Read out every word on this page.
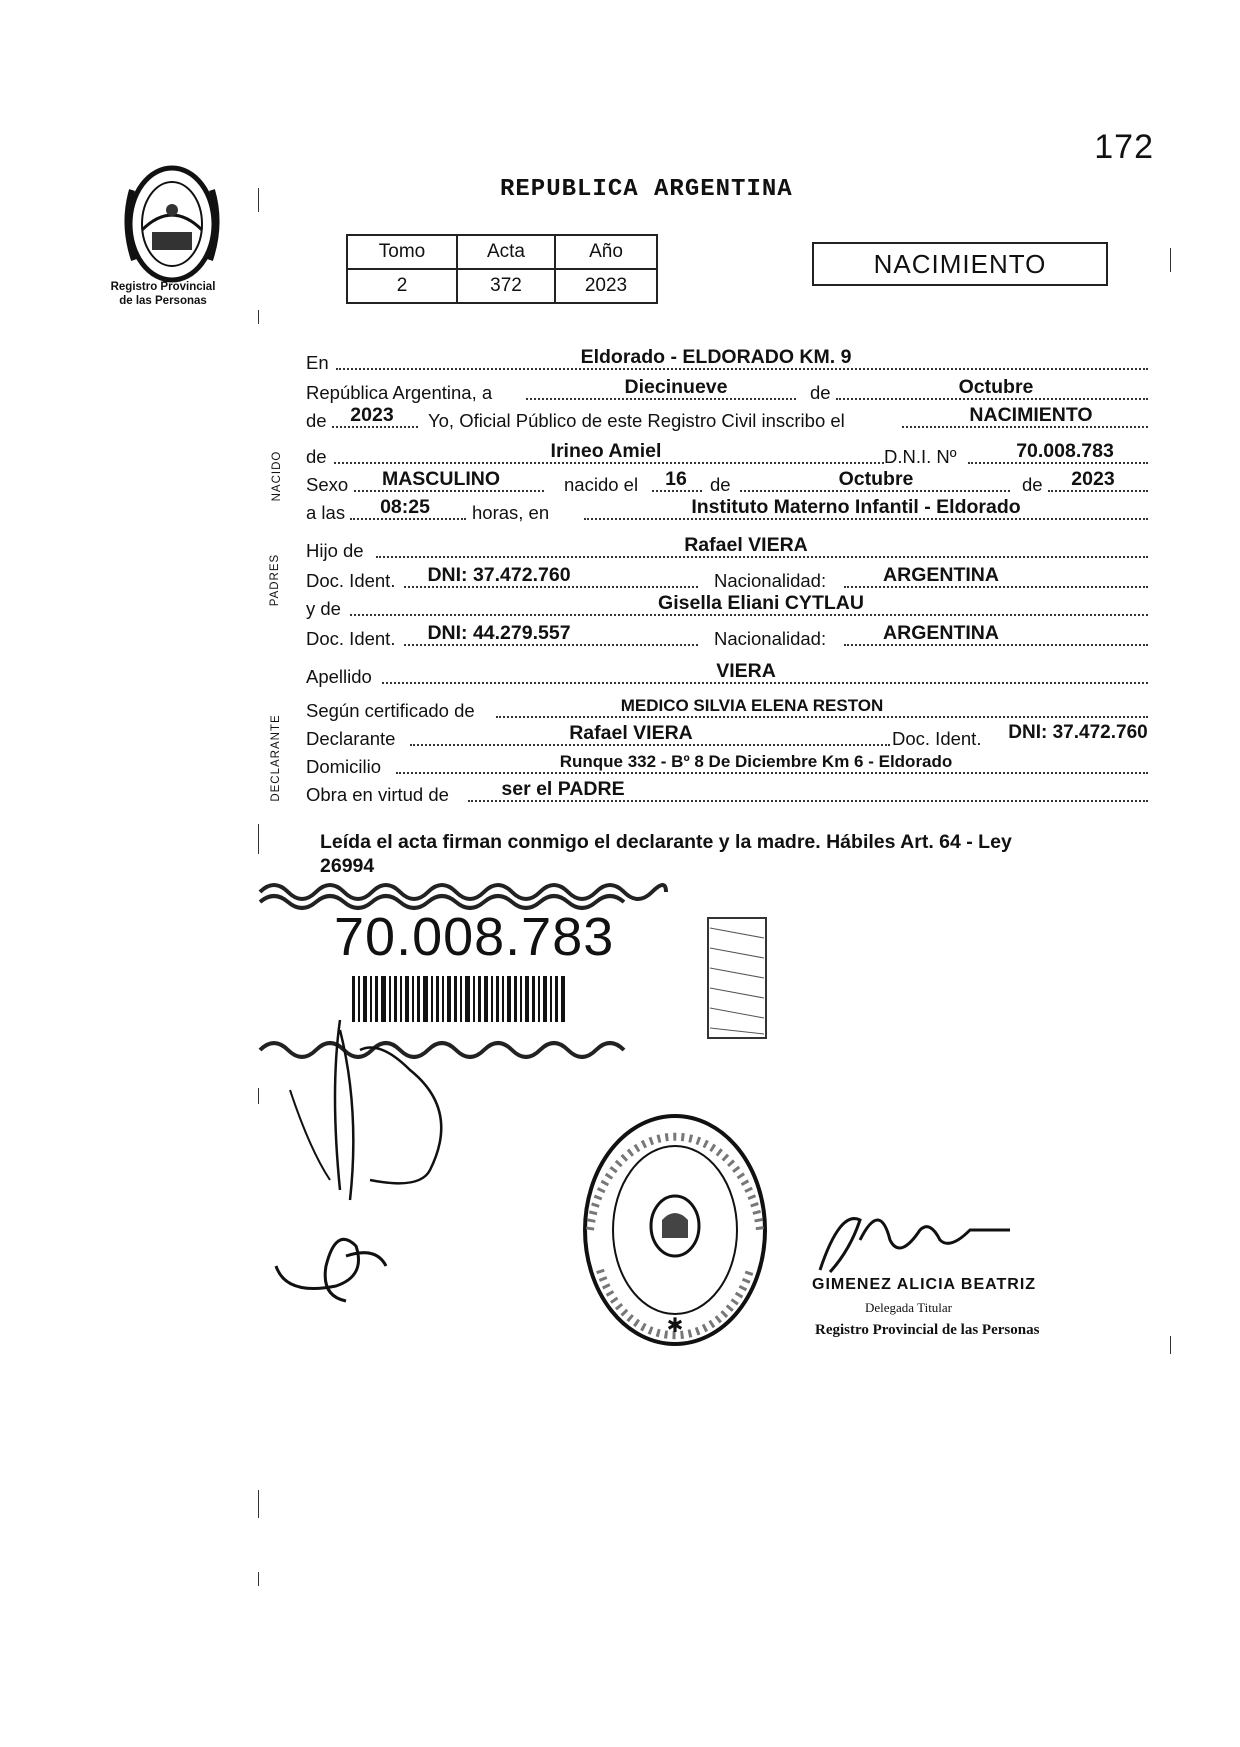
172
Registro Provincial
de las Personas
REPUBLICA ARGENTINA
Tomo	Acta	Año
2	372	2023
NACIMIENTO
NACIDO
PADRES
DECLARANTE
En	Eldorado - ELDORADO KM. 9
República Argentina, a	Diecinueve	de	Octubre
de	2023	Yo, Oficial Público de este Registro Civil inscribo el	NACIMIENTO
de	Irineo Amiel	D.N.I. Nº	70.008.783
Sexo	MASCULINO	nacido el	16	de	Octubre	de	2023
a las	08:25	horas, en	Instituto Materno Infantil - Eldorado
Hijo de	Rafael VIERA
Doc. Ident.	DNI: 37.472.760	Nacionalidad:	ARGENTINA
y de	Gisella Eliani CYTLAU
Doc. Ident.	DNI: 44.279.557	Nacionalidad:	ARGENTINA
Apellido	VIERA
Según certificado de	MEDICO SILVIA ELENA RESTON
Declarante	Rafael VIERA	Doc. Ident.	DNI: 37.472.760
Domicilio	Runque 332 - Bº 8 De Diciembre Km 6 - Eldorado
Obra en virtud de	ser el PADRE
Leída el acta firman conmigo el declarante y la madre. Hábiles Art. 64 - Ley
26994
70.008.783
✱
GIMENEZ ALICIA BEATRIZ
Delegada Titular
Registro Provincial de las Personas
